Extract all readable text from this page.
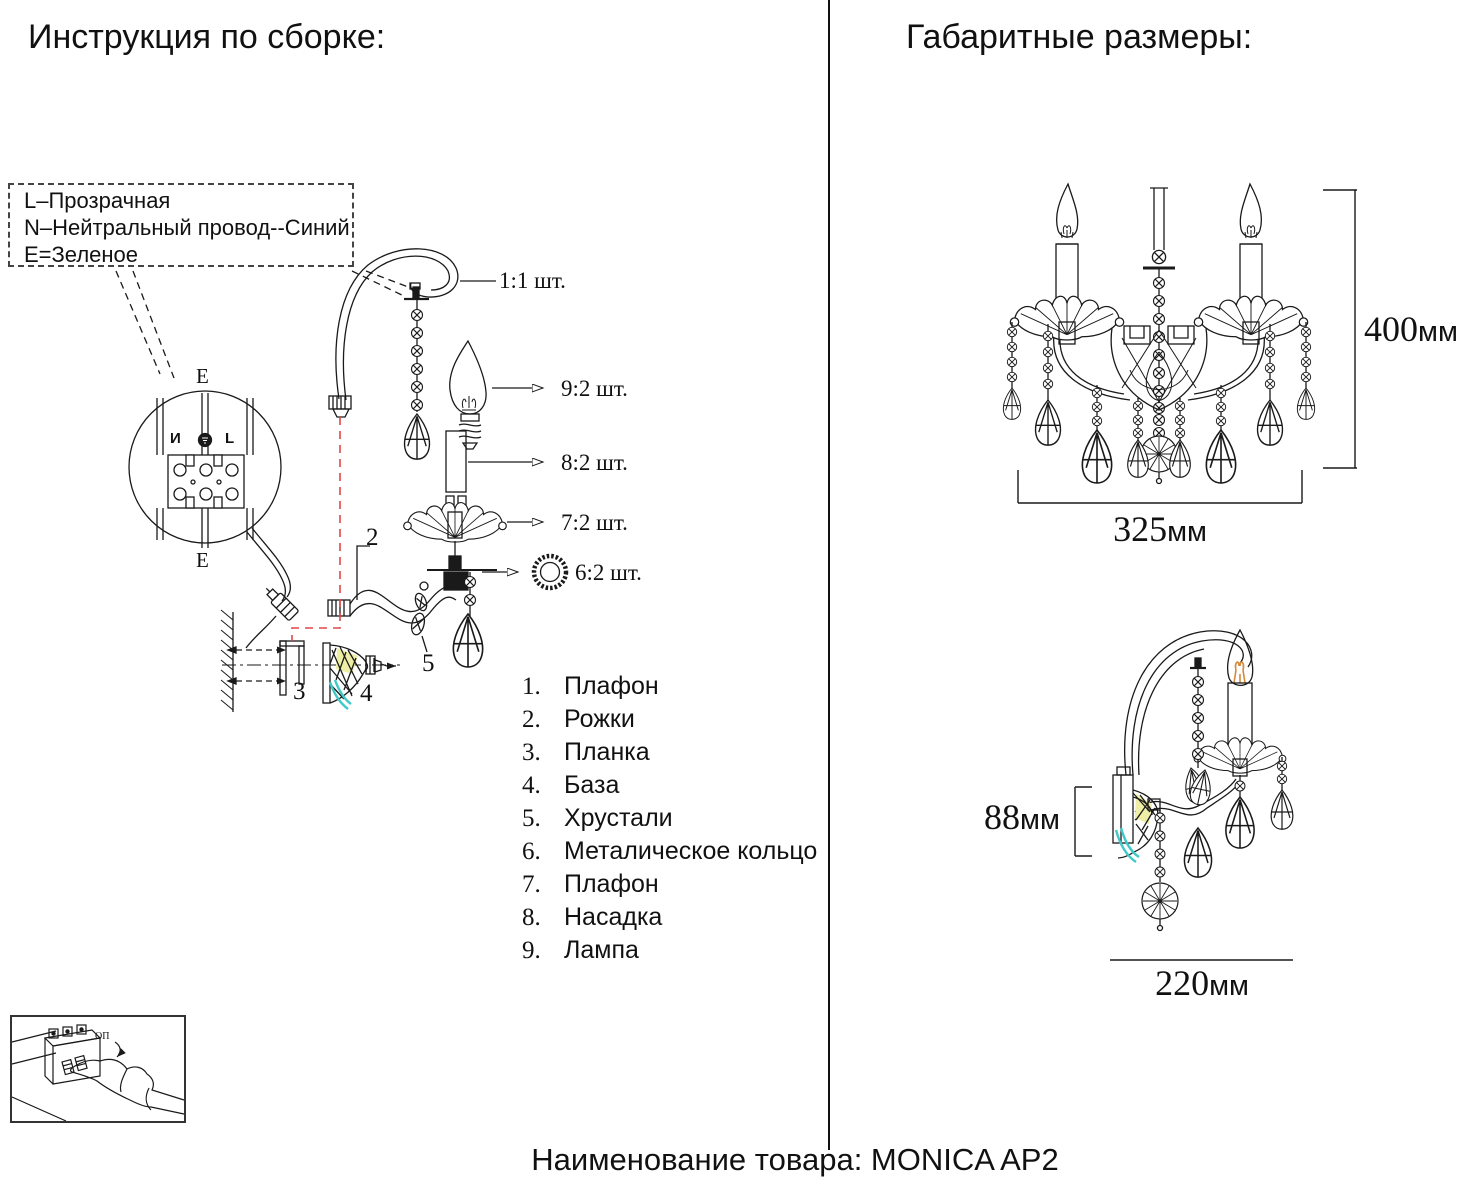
Инструкция по сборке:	Габаритные размеры:
L–Прозрачная
N–Нейтральный провод--Синий
E=Зеленое
E
E
И	L
1:1 шт.
9:2 шт.
8:2 шт.
7:2 шт.
6:2 шт.
2
3 4
5
1. Плафон
2. Рожки
3. Планка
4. База
5. Хрустали
6. Металическое кольцо
7. Плафон
8. Насадка
9. Лампа
400мм
325мм
88мм
220мм
ОП
Наименование товара: MONICA AP2
